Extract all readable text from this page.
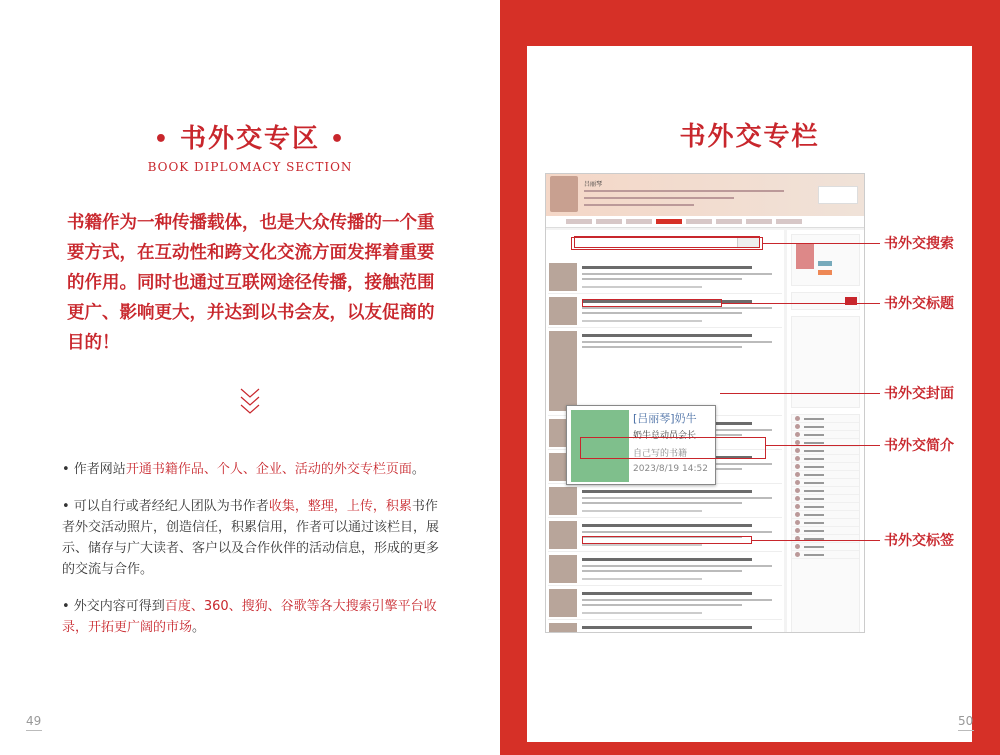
• 书外交专区 •
BOOK DIPLOMACY SECTION
书籍作为一种传播载体，也是大众传播的一个重要方式，在互动性和跨文化交流方面发挥着重要的作用。同时也通过互联网途径传播，接触范围更广、影响更大，并达到以书会友，以友促商的目的！
• 作者网站开通书籍作品、个人、企业、活动的外交专栏页面。
• 可以自行或者经纪人团队为书作者收集，整理，上传，积累书作者外交活动照片，创造信任，积累信用，作者可以通过该栏目，展示、储存与广大读者、客户以及合作伙伴的活动信息，形成的更多的交流与合作。
• 外交内容可得到百度、360、搜狗、谷歌等各大搜索引擎平台收录，开拓更广阔的市场。
49
书外交专栏
吕丽琴
[吕丽琴]奶牛
奶牛总动员会长
自己写的书籍
2023/8/19 14:52
书外交搜索
书外交标题
书外交封面
书外交简介
书外交标签
50
